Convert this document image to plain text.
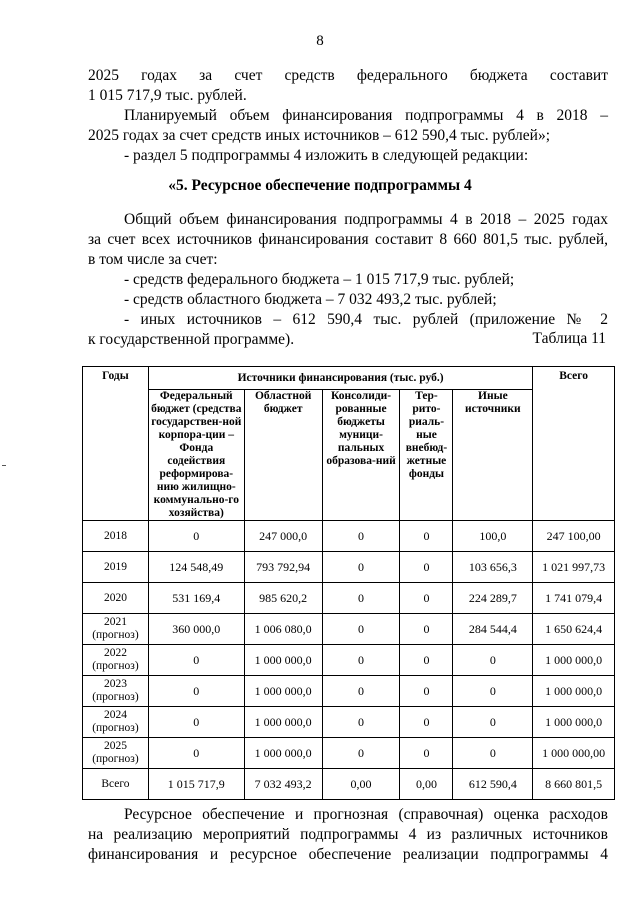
8

2025 годах за счет средств федерального бюджета составит

1 015 717,9 тыс. рублей.

Планируемый объем финансирования подпрограммы 4 в 2018 –

2025 годах за счет средств иных источников – 612 590,4 тыс. рублей»;

- раздел 5 подпрограммы 4 изложить в следующей редакции:

«5. Ресурсное обеспечение подпрограммы 4

Общий объем финансирования подпрограммы 4 в 2018 – 2025 годах

за счет всех источников финансирования составит 8 660 801,5 тыс. рублей,

в том числе за счет:

- средств федерального бюджета – 1 015 717,9 тыс. рублей;

- средств областного бюджета – 7 032 493,2 тыс. рублей;

- иных источников – 612 590,4 тыс. рублей (приложение № 2

к государственной программе).	Таблица 11
Годы	Источники финансирования (тыс. руб.)					Всего
	Федеральный бюджет (средства государствен-ной корпора-ции – Фонда содействия реформирова-нию жилищно-коммунально-го хозяйства)	Областной бюджет	Консолиди-рованные бюджеты муници-пальных образова-ний	Тер-рито-риаль-ные внебюд-жетные фонды	Иные источники	
2018	0	247 000,0	0	0	100,0	247 100,00
2019	124 548,49	793 792,94	0	0	103 656,3	1 021 997,73
2020	531 169,4	985 620,2	0	0	224 289,7	1 741 079,4
2021
(прогноз)	360 000,0	1 006 080,0	0	0	284 544,4	1 650 624,4
2022
(прогноз)	0	1 000 000,0	0	0	0	1 000 000,0
2023
(прогноз)	0	1 000 000,0	0	0	0	1 000 000,0
2024
(прогноз)	0	1 000 000,0	0	0	0	1 000 000,0
2025
(прогноз)	0	1 000 000,0	0	0	0	1 000 000,00
Всего	1 015 717,9	7 032 493,2	0,00	0,00	612 590,4	8 660 801,5

Ресурсное обеспечение и прогнозная (справочная) оценка расходов

на реализацию мероприятий подпрограммы 4 из различных источников

финансирования и ресурсное обеспечение реализации подпрограммы 4
